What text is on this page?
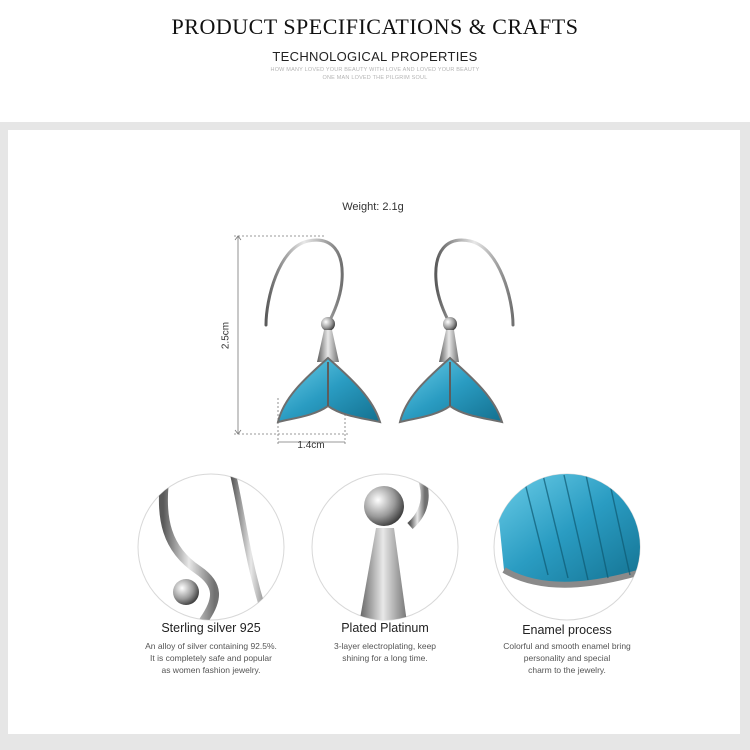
PRODUCT SPECIFICATIONS & CRAFTS
TECHNOLOGICAL PROPERTIES
HOW MANY LOVED YOUR BEAUTY WITH LOVE AND LOVED YOUR BEAUTY
ONE MAN LOVED THE PILGRIM SOUL
Weight: 2.1g
2.5cm
1.4cm
Sterling silver 925
An alloy of silver containing 92.5%.
It is completely safe and popular
as women fashion jewelry.
Plated Platinum
3-layer electroplating, keep
shining for a long time.
Enamel process
Colorful and smooth enamel bring
personality and special
charm to the jewelry.
